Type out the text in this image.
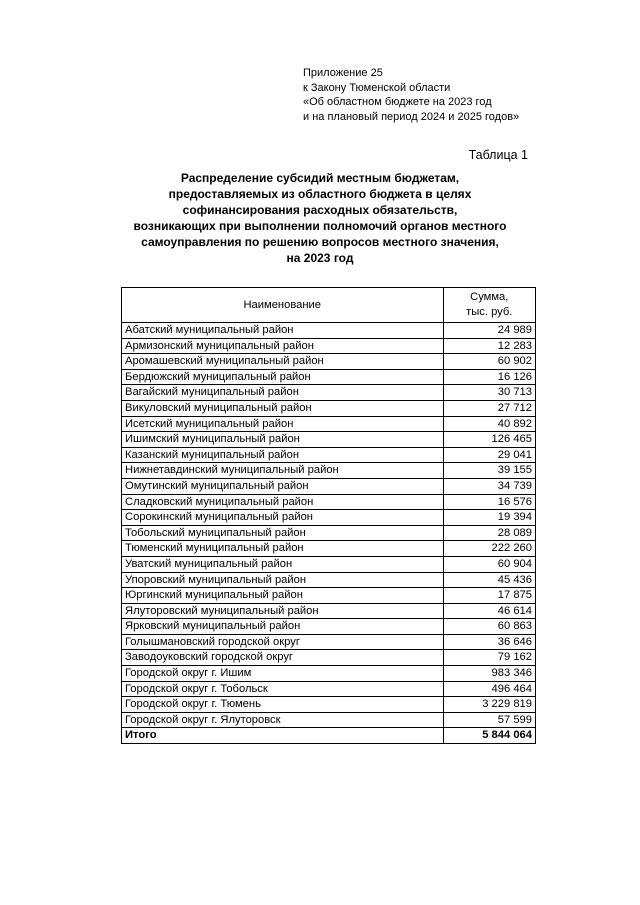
Приложение 25
к Закону Тюменской области
«Об областном бюджете на 2023 год
и на плановый период 2024 и 2025 годов»
Таблица 1
Распределение субсидий местным бюджетам,
предоставляемых из областного бюджета в целях
софинансирования расходных обязательств,
возникающих при выполнении полномочий органов местного
самоуправления по решению вопросов местного значения,
на 2023 год
Наименование	Сумма,
тыс. руб.

Абатский муниципальный район	24 989
Армизонский муниципальный район	12 283
Аромашевский муниципальный район	60 902
Бердюжский муниципальный район	16 126
Вагайский муниципальный район	30 713
Викуловский муниципальный район	27 712
Исетский муниципальный район	40 892
Ишимский муниципальный район	126 465
Казанский муниципальный район	29 041
Нижнетавдинский муниципальный район	39 155
Омутинский муниципальный район	34 739
Сладковский муниципальный район	16 576
Сорокинский муниципальный район	19 394
Тобольский муниципальный район	28 089
Тюменский муниципальный район	222 260
Уватский муниципальный район	60 904
Упоровский муниципальный район	45 436
Юргинский муниципальный район	17 875
Ялуторовский муниципальный район	46 614
Ярковский муниципальный район	60 863
Голышмановский городской округ	36 646
Заводоуковский городской округ	79 162
Городской округ г. Ишим	983 346
Городской округ г. Тобольск	496 464
Городской округ г. Тюмень	3 229 819
Городской округ г. Ялуторовск	57 599
Итого	5 844 064
